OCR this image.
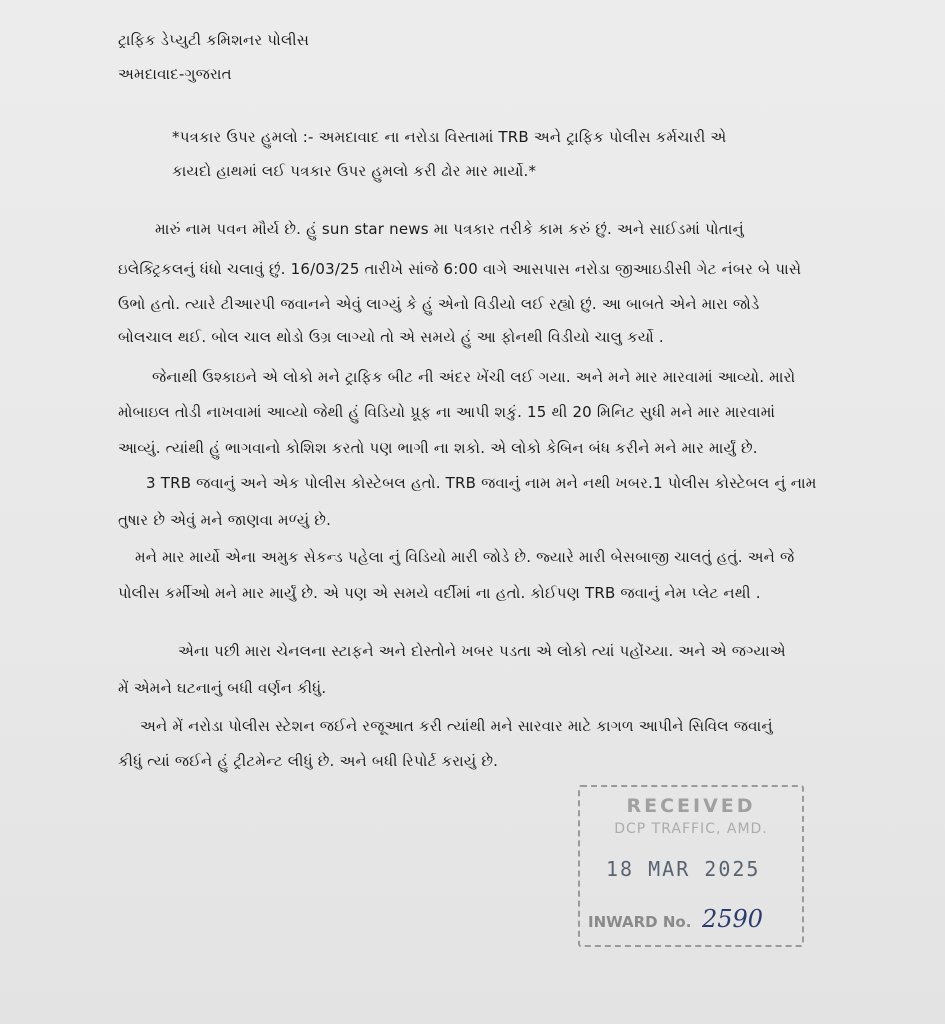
ટ્રાફિક ડેપ્યુટી કમિશનર પોલીસ
અમદાવાદ-ગુજરાત
*પત્રકાર ઉપર હુમલો :- અમદાવાદ ના નરોડા વિસ્તામાં TRB અને ટ્રાફિક પોલીસ કર્મચારી એ
કાયદો હાથમાં લઈ પત્રકાર ઉપર હુમલો કરી ઢોર માર માર્યો.*
મારું નામ પવન મૌર્ય છે. હું sun star news મા પત્રકાર તરીકે કામ કરું છું. અને સાઈડમાં પોતાનું
ઇલેક્ટ્રિકલનું ધંધો ચલાવું છું. 16/03/25 તારીખે સાંજે 6:00 વાગે આસપાસ નરોડા જીઆઇડીસી ગેટ નંબર બે પાસે
ઉભો હતો. ત્યારે ટીઆરપી જવાનને એવું લાગ્યું કે હું એનો વિડીયો લઈ રહ્યો છું. આ બાબતે એને મારા જોડે
બોલચાલ થઈ. બોલ ચાલ થોડો ઉગ્ર લાગ્યો તો એ સમયે હું આ ફોનથી વિડીયો ચાલુ કર્યો .
જેનાથી ઉશ્કાઇને એ લોકો મને ટ્રાફિક બીટ ની અંદર ખેંચી લઈ ગયા. અને મને માર મારવામાં આવ્યો. મારો
મોબાઇલ તોડી નાખવામાં આવ્યો જેથી હું વિડિયો પ્રૂફ ના આપી શકું. 15 થી 20 મિનિટ સુધી મને માર મારવામાં
આવ્યું. ત્યાંથી હું ભાગવાનો કોશિશ કરતો પણ ભાગી ના શકો. એ લોકો કેબિન બંધ કરીને મને માર માર્યું છે.
3 TRB જવાનું અને એક પોલીસ કોસ્ટેબલ હતો. TRB જવાનું નામ મને નથી ખબર.1 પોલીસ કોસ્ટેબલ નું નામ
તુષાર છે એવું મને જાણવા મળ્યું છે.
મને માર માર્યો એના અમુક સેકન્ડ પહેલા નું વિડિયો મારી જોડે છે. જ્યારે મારી બેસબાજી ચાલતું હતું. અને જે
પોલીસ કર્મીઓ મને માર માર્યું છે. એ પણ એ સમયે વર્દીમાં ના હતો. કોઈપણ TRB જવાનું નેમ પ્લેટ નથી .
એના પછી મારા ચેનલના સ્ટાફને અને દોસ્તોને ખબર પડતા એ લોકો ત્યાં પહોંચ્યા. અને એ જગ્યાએ
મેં એમને ઘટનાનું બધી વર્ણન કીધું.
અને મેં નરોડા પોલીસ સ્ટેશન જઈને રજૂઆત કરી ત્યાંથી મને સારવાર માટે કાગળ આપીને સિવિલ જવાનું
કીધું ત્યાં જઈને હું ટ્રીટમેન્ટ લીધું છે. અને બધી રિપોર્ટ કરાયું છે.
RECEIVED
DCP TRAFFIC, AMD.
18 MAR 2025
INWARD No. 2590
